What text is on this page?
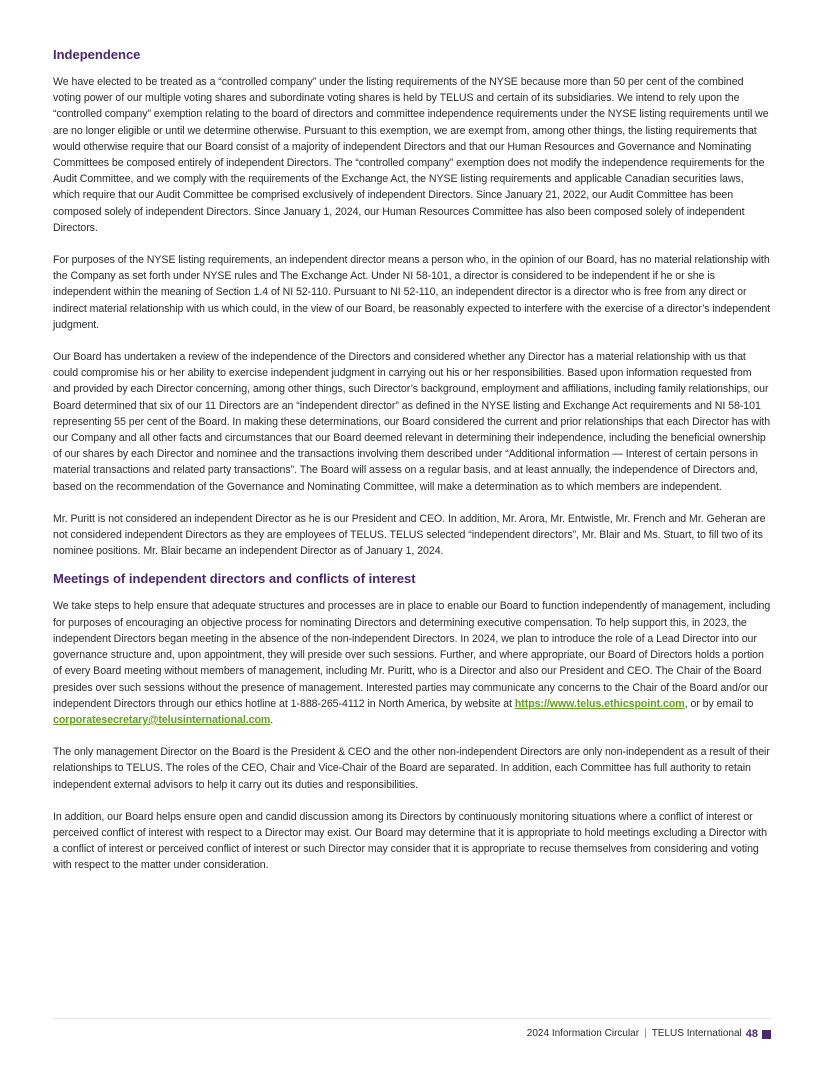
Independence

We have elected to be treated as a “controlled company” under the listing requirements of the NYSE because more than 50 per cent of the combined voting power of our multiple voting shares and subordinate voting shares is held by TELUS and certain of its subsidiaries. We intend to rely upon the “controlled company” exemption relating to the board of directors and committee independence requirements under the NYSE listing requirements until we are no longer eligible or until we determine otherwise. Pursuant to this exemption, we are exempt from, among other things, the listing requirements that would otherwise require that our Board consist of a majority of independent Directors and that our Human Resources and Governance and Nominating Committees be composed entirely of independent Directors. The “controlled company” exemption does not modify the independence requirements for the Audit Committee, and we comply with the requirements of the Exchange Act, the NYSE listing requirements and applicable Canadian securities laws, which require that our Audit Committee be comprised exclusively of independent Directors. Since January 21, 2022, our Audit Committee has been composed solely of independent Directors. Since January 1, 2024, our Human Resources Committee has also been composed solely of independent Directors.

For purposes of the NYSE listing requirements, an independent director means a person who, in the opinion of our Board, has no material relationship with the Company as set forth under NYSE rules and The Exchange Act. Under NI 58-101, a director is considered to be independent if he or she is independent within the meaning of Section 1.4 of NI 52-110. Pursuant to NI 52-110, an independent director is a director who is free from any direct or indirect material relationship with us which could, in the view of our Board, be reasonably expected to interfere with the exercise of a director’s independent judgment.

Our Board has undertaken a review of the independence of the Directors and considered whether any Director has a material relationship with us that could compromise his or her ability to exercise independent judgment in carrying out his or her responsibilities. Based upon information requested from and provided by each Director concerning, among other things, such Director’s background, employment and affiliations, including family relationships, our Board determined that six of our 11 Directors are an “independent director” as defined in the NYSE listing and Exchange Act requirements and NI 58-101 representing 55 per cent of the Board. In making these determinations, our Board considered the current and prior relationships that each Director has with our Company and all other facts and circumstances that our Board deemed relevant in determining their independence, including the beneficial ownership of our shares by each Director and nominee and the transactions involving them described under “Additional information — Interest of certain persons in material transactions and related party transactions”. The Board will assess on a regular basis, and at least annually, the independence of Directors and, based on the recommendation of the Governance and Nominating Committee, will make a determination as to which members are independent.

Mr. Puritt is not considered an independent Director as he is our President and CEO. In addition, Mr. Arora, Mr. Entwistle, Mr. French and Mr. Geheran are not considered independent Directors as they are employees of TELUS. TELUS selected “independent directors”, Mr. Blair and Ms. Stuart, to fill two of its nominee positions. Mr. Blair became an independent Director as of January 1, 2024.

Meetings of independent directors and conflicts of interest

We take steps to help ensure that adequate structures and processes are in place to enable our Board to function independently of management, including for purposes of encouraging an objective process for nominating Directors and determining executive compensation. To help support this, in 2023, the independent Directors began meeting in the absence of the non-independent Directors. In 2024, we plan to introduce the role of a Lead Director into our governance structure and, upon appointment, they will preside over such sessions. Further, and where appropriate, our Board of Directors holds a portion of every Board meeting without members of management, including Mr. Puritt, who is a Director and also our President and CEO. The Chair of the Board presides over such sessions without the presence of management. Interested parties may communicate any concerns to the Chair of the Board and/or our independent Directors through our ethics hotline at 1-888-265-4112 in North America, by website at https://www.telus.ethicspoint.com, or by email to corporatesecretary@telusinternational.com.

The only management Director on the Board is the President & CEO and the other non-independent Directors are only non-independent as a result of their relationships to TELUS. The roles of the CEO, Chair and Vice-Chair of the Board are separated. In addition, each Committee has full authority to retain independent external advisors to help it carry out its duties and responsibilities.

In addition, our Board helps ensure open and candid discussion among its Directors by continuously monitoring situations where a conflict of interest or perceived conflict of interest with respect to a Director may exist. Our Board may determine that it is appropriate to hold meetings excluding a Director with a conflict of interest or perceived conflict of interest or such Director may consider that it is appropriate to recuse themselves from considering and voting with respect to the matter under consideration.

2024 Information Circular | TELUS International 48
